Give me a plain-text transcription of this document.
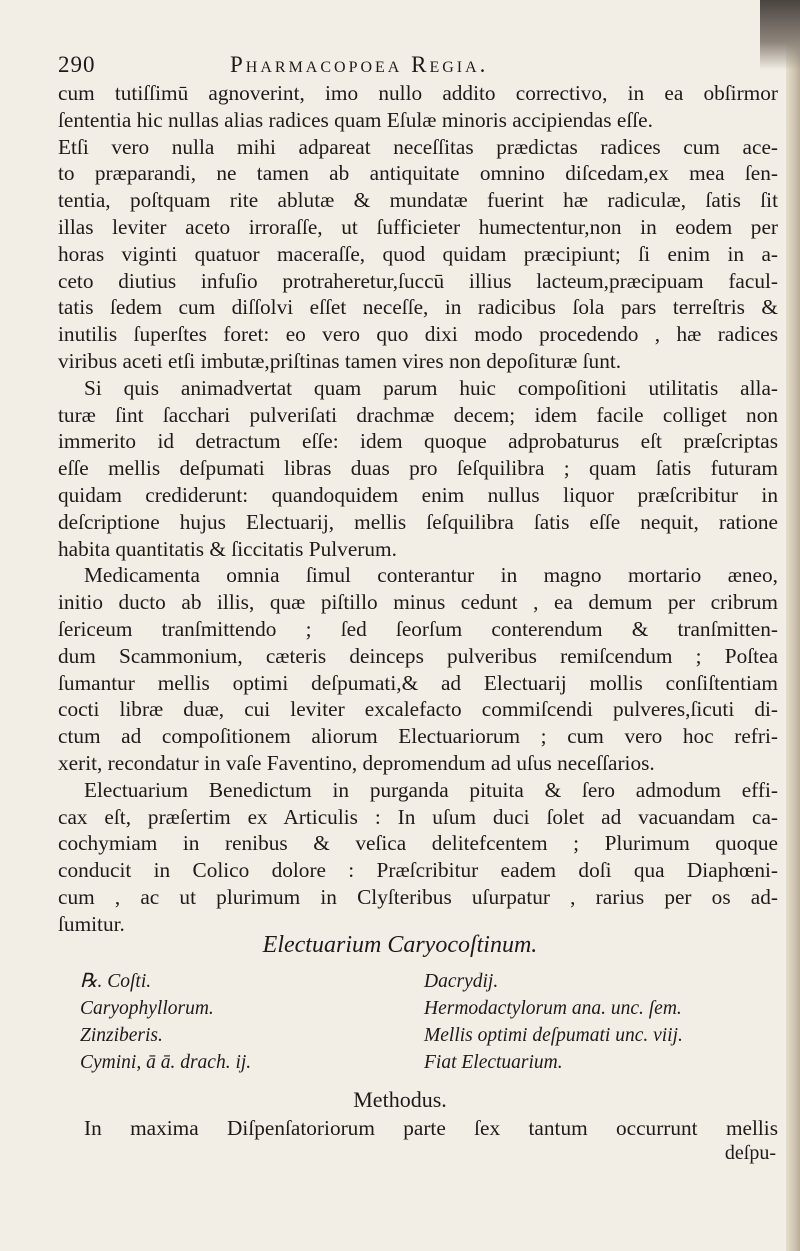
290	Pharmacopoea Regia.
cum tutiſſimū agnoverint, imo nullo addito correctivo, in ea obſirmor
ſententia hic nullas alias radices quam Eſulæ minoris accipiendas eſſe.
Etſi vero nulla mihi adpareat neceſſitas prædictas radices cum ace-
to præparandi, ne tamen ab antiquitate omnino diſcedam,ex mea ſen-
tentia, poſtquam rite ablutæ & mundatæ fuerint hæ radiculæ, ſatis ſit
illas leviter aceto irroraſſe, ut ſufficieter humectentur,non in eodem per
horas viginti quatuor maceraſſe, quod quidam præcipiunt; ſi enim in a-
ceto diutius infuſio protraheretur,ſuccū illius lacteum,præcipuam facul-
tatis ſedem cum diſſolvi eſſet neceſſe, in radicibus ſola pars terreſtris &
inutilis ſuperſtes foret: eo vero quo dixi modo procedendo , hæ radices
viribus aceti etſi imbutæ,priſtinas tamen vires non depoſituræ ſunt.
Si quis animadvertat quam parum huic compoſitioni utilitatis alla-
turæ ſint ſacchari pulveriſati drachmæ decem; idem facile colliget non
immerito id detractum eſſe: idem quoque adprobaturus eſt præſcriptas
eſſe mellis deſpumati libras duas pro ſeſquilibra ; quam ſatis futuram
quidam crediderunt: quandoquidem enim nullus liquor præſcribitur in
deſcriptione hujus Electuarij, mellis ſeſquilibra ſatis eſſe nequit, ratione
habita quantitatis & ſiccitatis Pulverum.
Medicamenta omnia ſimul conterantur in magno mortario æneo,
initio ducto ab illis, quæ piſtillo minus cedunt , ea demum per cribrum
ſericeum tranſmittendo ; ſed ſeorſum conterendum & tranſmitten-
dum Scammonium, cæteris deinceps pulveribus remiſcendum ; Poſtea
ſumantur mellis optimi deſpumati,& ad Electuarij mollis conſiſtentiam
cocti libræ duæ, cui leviter excalefacto commiſcendi pulveres,ſicuti di-
ctum ad compoſitionem aliorum Electuariorum ; cum vero hoc refri-
xerit, recondatur in vaſe Faventino, depromendum ad uſus neceſſarios.
Electuarium Benedictum in purganda pituita & ſero admodum effi-
cax eſt, præſertim ex Articulis : In uſum duci ſolet ad vacuandam ca-
cochymiam in renibus & veſica delitefcentem ; Plurimum quoque
conducit in Colico dolore : Præſcribitur eadem doſi qua Diaphœni-
cum , ac ut plurimum in Clyſteribus uſurpatur , rarius per os ad-
ſumitur.
Electuarium Caryocoſtinum.
℞. Coſti.
Caryophyllorum.
Zinziberis.
Cymini, ā ā. drach. ij.
Dacrydij.
Hermodactylorum ana. unc. ſem.
Mellis optimi deſpumati unc. viij.
Fiat Electuarium.
Methodus.
In maxima Diſpenſatoriorum parte ſex tantum occurrunt mellis
deſpu-
